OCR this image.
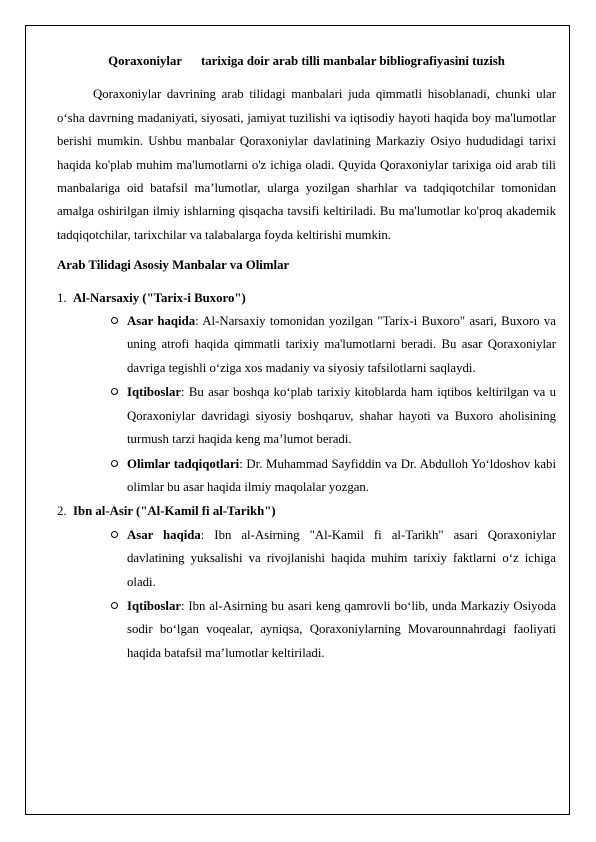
Qoraxoniylar      tarixiga doir arab tilli manbalar bibliografiyasini tuzish

Qoraxoniylar davrining arab tilidagi manbalari juda qimmatli hisoblanadi, chunki ular o‘sha davrning madaniyati, siyosati, jamiyat tuzilishi va iqtisodiy hayoti haqida boy ma'lumotlar berishi mumkin. Ushbu manbalar Qoraxoniylar davlatining Markaziy Osiyo hududidagi tarixi haqida ko'plab muhim ma'lumotlarni o'z ichiga oladi. Quyida Qoraxoniylar tarixiga oid arab tili manbalariga oid batafsil ma’lumotlar, ularga yozilgan sharhlar va tadqiqotchilar tomonidan amalga oshirilgan ilmiy ishlarning qisqacha tavsifi keltiriladi. Bu ma'lumotlar ko'proq akademik tadqiqotchilar, tarixchilar va talabalarga foyda keltirishi mumkin.

Arab Tilidagi Asosiy Manbalar va Olimlar

1. Al-Narsaxiy ("Tarix-i Buxoro")
Asar haqida: Al-Narsaxiy tomonidan yozilgan "Tarix-i Buxoro" asari, Buxoro va uning atrofi haqida qimmatli tarixiy ma'lumotlarni beradi. Bu asar Qoraxoniylar davriga tegishli o‘ziga xos madaniy va siyosiy tafsilotlarni saqlaydi.
Iqtiboslar: Bu asar boshqa ko‘plab tarixiy kitoblarda ham iqtibos keltirilgan va u Qoraxoniylar davridagi siyosiy boshqaruv, shahar hayoti va Buxoro aholisining turmush tarzi haqida keng ma’lumot beradi.
Olimlar tadqiqotlari: Dr. Muhammad Sayfiddin va Dr. Abdulloh Yo‘ldoshov kabi olimlar bu asar haqida ilmiy maqolalar yozgan.
2. Ibn al-Asir ("Al-Kamil fi al-Tarikh")
Asar haqida: Ibn al-Asirning "Al-Kamil fi al-Tarikh" asari Qoraxoniylar davlatining yuksalishi va rivojlanishi haqida muhim tarixiy faktlarni o‘z ichiga oladi.
Iqtiboslar: Ibn al-Asirning bu asari keng qamrovli bo‘lib, unda Markaziy Osiyoda sodir bo‘lgan voqealar, ayniqsa, Qoraxoniylarning Movarounnahrdagi faoliyati haqida batafsil ma’lumotlar keltiriladi.
